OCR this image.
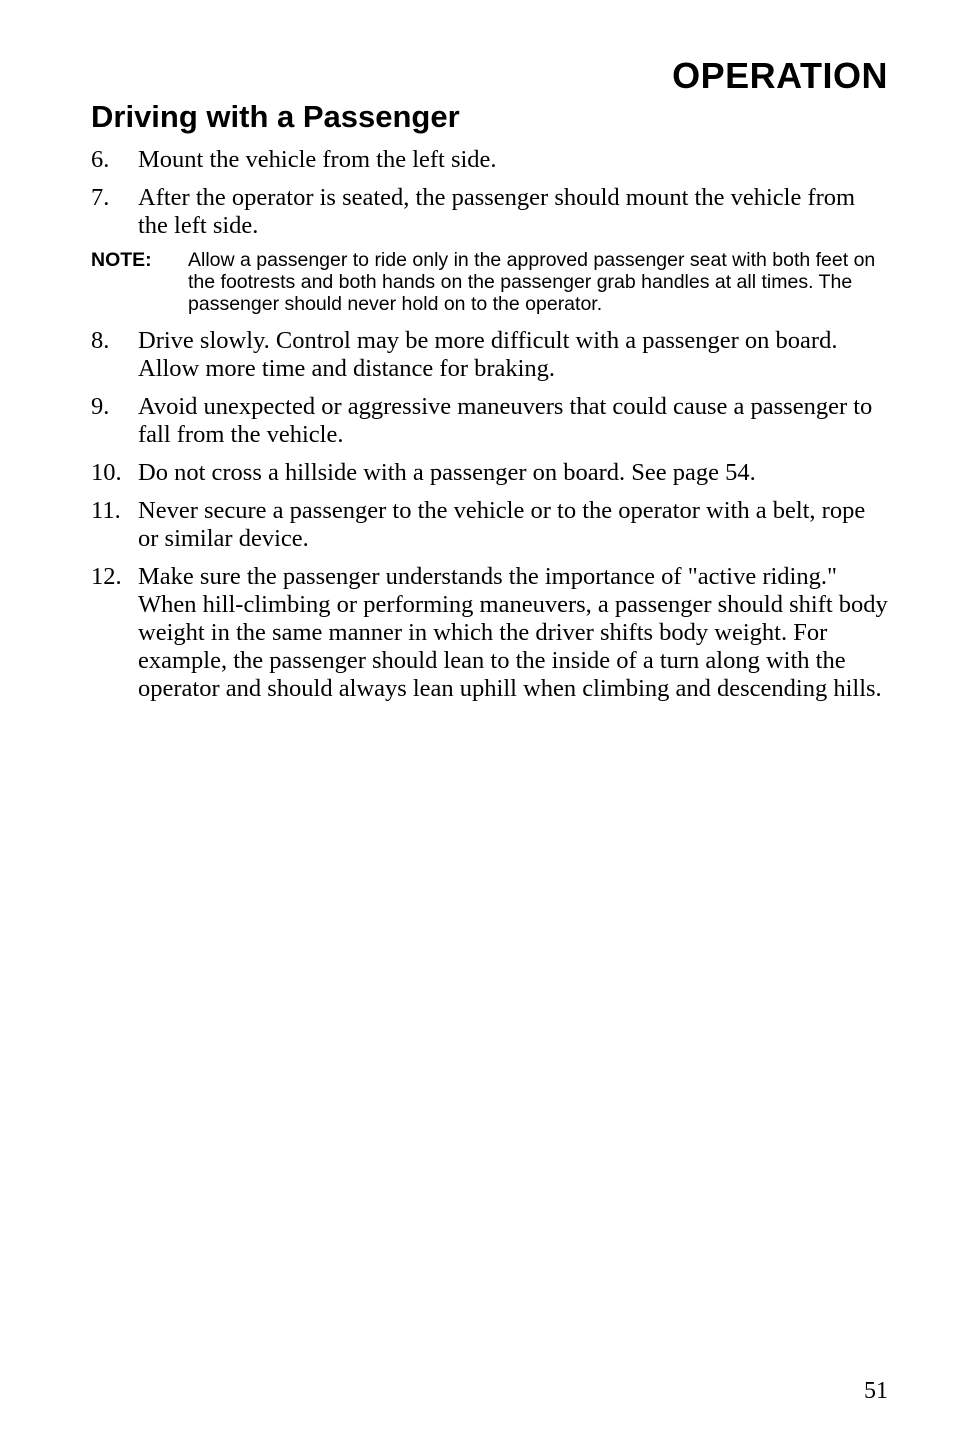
OPERATION
Driving with a Passenger
6. Mount the vehicle from the left side.
7. After the operator is seated, the passenger should mount the vehicle from the left side.
NOTE: Allow a passenger to ride only in the approved passenger seat with both feet on the footrests and both hands on the passenger grab handles at all times. The passenger should never hold on to the operator.
8. Drive slowly. Control may be more difficult with a passenger on board. Allow more time and distance for braking.
9. Avoid unexpected or aggressive maneuvers that could cause a passenger to fall from the vehicle.
10. Do not cross a hillside with a passenger on board. See page 54.
11. Never secure a passenger to the vehicle or to the operator with a belt, rope or similar device.
12. Make sure the passenger understands the importance of "active riding." When hill-climbing or performing maneuvers, a passenger should shift body weight in the same manner in which the driver shifts body weight. For example, the passenger should lean to the inside of a turn along with the operator and should always lean uphill when climbing and descending hills.
51
